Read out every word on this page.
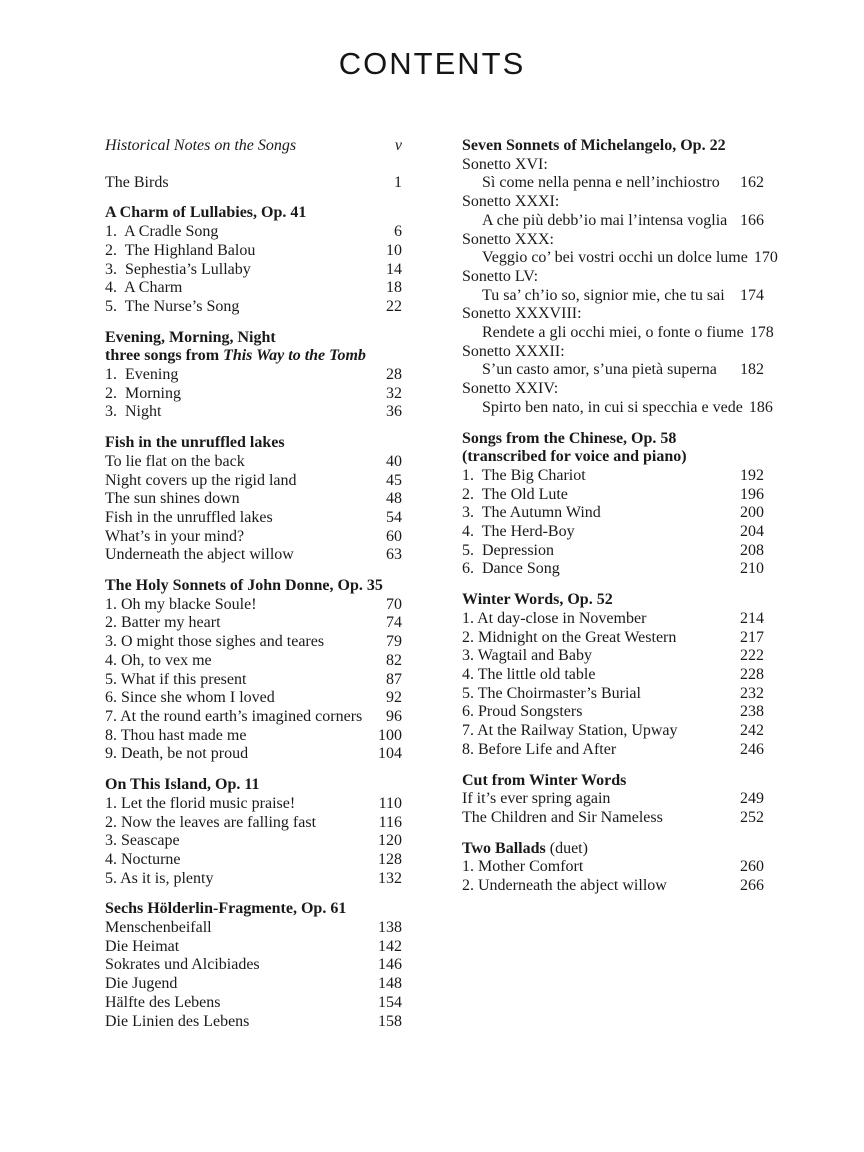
CONTENTS
Historical Notes on the Songs	v
The Birds	1
A Charm of Lullabies, Op. 41
1.  A Cradle Song	6
2.  The Highland Balou	10
3.  Sephestia’s Lullaby	14
4.  A Charm	18
5.  The Nurse’s Song	22
Evening, Morning, Night
three songs from This Way to the Tomb
1.  Evening	28
2.  Morning	32
3.  Night	36
Fish in the unruffled lakes
To lie flat on the back	40
Night covers up the rigid land	45
The sun shines down	48
Fish in the unruffled lakes	54
What’s in your mind?	60
Underneath the abject willow	63
The Holy Sonnets of John Donne, Op. 35
1. Oh my blacke Soule!	70
2. Batter my heart	74
3. O might those sighes and teares	79
4. Oh, to vex me	82
5. What if this present	87
6. Since she whom I loved	92
7. At the round earth’s imagined corners	96
8. Thou hast made me	100
9. Death, be not proud	104
On This Island, Op. 11
1. Let the florid music praise!	110
2. Now the leaves are falling fast	116
3. Seascape	120
4. Nocturne	128
5. As it is, plenty	132
Sechs Hölderlin-Fragmente, Op. 61
Menschenbeifall	138
Die Heimat	142
Sokrates und Alcibiades	146
Die Jugend	148
Hälfte des Lebens	154
Die Linien des Lebens	158
Seven Sonnets of Michelangelo, Op. 22
Sonetto XVI:
Sì come nella penna e nell’inchiostro	162
Sonetto XXXI:
A che più debb’io mai l’intensa voglia 166
Sonetto XXX:
Veggio co’ bei vostri occhi un dolce lume 170
Sonetto LV:
Tu sa’ ch’io so, signior mie, che tu sai 174
Sonetto XXXVIII:
Rendete a gli occhi miei, o fonte o fiume 178
Sonetto XXXII:
S’un casto amor, s’una pietà superna	182
Sonetto XXIV:
Spirto ben nato, in cui si specchia e vede 186
Songs from the Chinese, Op. 58
(transcribed for voice and piano)
1.  The Big Chariot	192
2.  The Old Lute	196
3.  The Autumn Wind	200
4.  The Herd-Boy	204
5.  Depression	208
6.  Dance Song	210
Winter Words, Op. 52
1. At day-close in November	214
2. Midnight on the Great Western	217
3. Wagtail and Baby	222
4. The little old table	228
5. The Choirmaster’s Burial	232
6. Proud Songsters	238
7. At the Railway Station, Upway	242
8. Before Life and After	246
Cut from Winter Words
If it’s ever spring again	249
The Children and Sir Nameless	252
Two Ballads (duet)
1. Mother Comfort	260
2. Underneath the abject willow	266
